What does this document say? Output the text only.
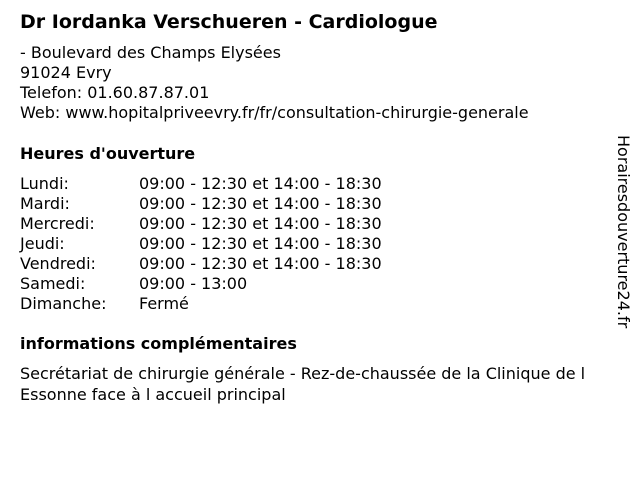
Dr Iordanka Verschueren - Cardiologue
- Boulevard des Champs Elysées
91024 Evry
Telefon: 01.60.87.87.01
Web: www.hopitalpriveevry.fr/fr/consultation-chirurgie-generale
Heures d'ouverture
Lundi:	09:00 - 12:30 et 14:00 - 18:30
Mardi:	09:00 - 12:30 et 14:00 - 18:30
Mercredi:	09:00 - 12:30 et 14:00 - 18:30
Jeudi:	09:00 - 12:30 et 14:00 - 18:30
Vendredi:	09:00 - 12:30 et 14:00 - 18:30
Samedi:	09:00 - 13:00
Dimanche:	Fermé
informations complémentaires
Secrétariat de chirurgie générale - Rez-de-chaussée de la Clinique de l Essonne face à l accueil principal
Horairesdouverture24.fr
